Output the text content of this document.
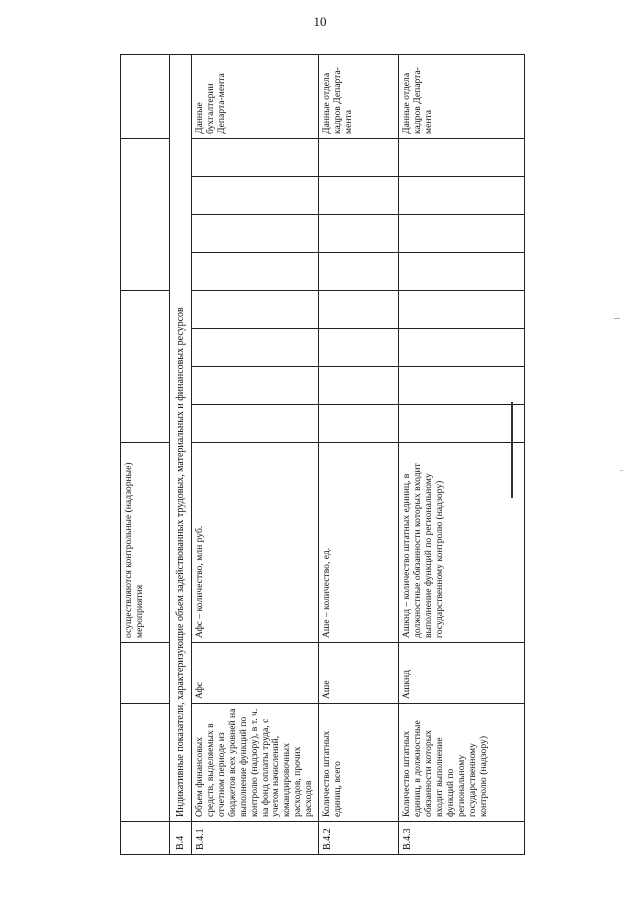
10
			осуществляются контрольные (надзорные) мероприятия									
B.4	Индикативные показатели, характеризующие объем задействованных трудовых, материальных и финансовых ресурсов											
B.4.1	Объем финансовых средств, выделяемых в отчетном периоде из бюджетов всех уровней на выполнение функций по контролю (надзору), в т. ч. на фонд оплаты труда, с учетом начислений, командировочных расходов, прочих расходов	Афс	Афс – количество, млн руб.									Данные бухгалтерии Департа-мента
B.4.2	Количество штатных единиц, всего	Аше	Аше – количество, ед.									Данные отдела кадров Департа-мента
B.4.3	Количество штатных единиц, в должностные обязанности которых входит выполнение функций по региональному государственному контролю (надзору)	Ашкнд	Ашкнд – количество штатных единиц, в должностные обязанности которых входит выполнение функций по региональному государственному контролю (надзору)									Данные отдела кадров Департа-мента
